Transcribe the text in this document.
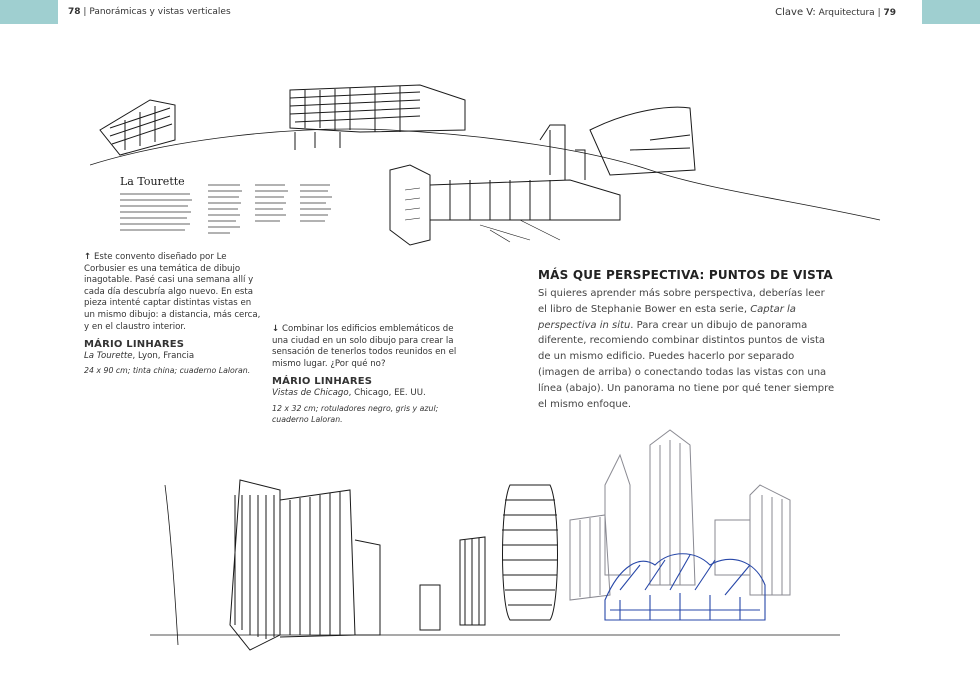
78 | Panorámicas y vistas verticales	Clave V: Arquitectura | 79
La Tourette
↑ Este convento diseñado por Le Corbusier es una temática de dibujo inagotable. Pasé casi una semana allí y cada día descubría algo nuevo. En esta pieza intenté captar distintas vistas en un mismo dibujo: a distancia, más cerca, y en el claustro interior.
MÁRIO LINHARES
La Tourette, Lyon, Francia
24 x 90 cm; tinta china; cuaderno Laloran.
↓ Combinar los edificios emblemáticos de una ciudad en un solo dibujo para crear la sensación de tenerlos todos reunidos en el mismo lugar. ¿Por qué no?
MÁRIO LINHARES
Vistas de Chicago, Chicago, EE. UU.
12 x 32 cm; rotuladores negro, gris y azul; cuaderno Laloran.
MÁS QUE PERSPECTIVA: PUNTOS DE VISTA

Si quieres aprender más sobre perspectiva, deberías leer el libro de Stephanie Bower en esta serie, Captar la perspectiva in situ. Para crear un dibujo de panorama diferente, recomiendo combinar distintos puntos de vista de un mismo edificio. Puedes hacerlo por separado (imagen de arriba) o conectando todas las vistas con una línea (abajo). Un panorama no tiene por qué tener siempre el mismo enfoque.
